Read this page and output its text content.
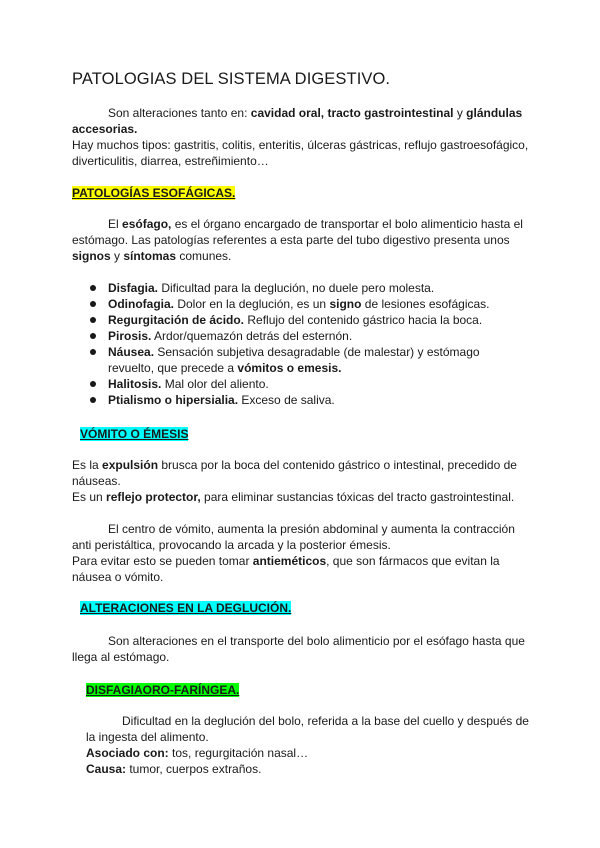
PATOLOGIAS DEL SISTEMA DIGESTIVO.

Son alteraciones tanto en: cavidad oral, tracto gastrointestinal y glándulas accesorias.

Hay muchos tipos: gastritis, colitis, enteritis, úlceras gástricas, reflujo gastroesofágico, diverticulitis, diarrea, estreñimiento…

PATOLOGÍAS ESOFÁGICAS.

El esófago, es el órgano encargado de transportar el bolo alimenticio hasta el estómago. Las patologías referentes a esta parte del tubo digestivo presenta unos signos y síntomas comunes.

Disfagia. Dificultad para la deglución, no duele pero molesta.
Odinofagia. Dolor en la deglución, es un signo de lesiones esofágicas.
Regurgitación de ácido. Reflujo del contenido gástrico hacia la boca.
Pirosis. Ardor/quemazón detrás del esternón.
Náusea. Sensación subjetiva desagradable (de malestar) y estómago revuelto, que precede a vómitos o emesis.
Halitosis. Mal olor del aliento.
Ptialismo o hipersialia. Exceso de saliva.
VÓMITO O ÉMESIS

Es la expulsión brusca por la boca del contenido gástrico o intestinal, precedido de náuseas.

Es un reflejo protector, para eliminar sustancias tóxicas del tracto gastrointestinal.

El centro de vómito, aumenta la presión abdominal y aumenta la contracción anti peristáltica, provocando la arcada y la posterior émesis.

Para evitar esto se pueden tomar antieméticos, que son fármacos que evitan la náusea o vómito.

ALTERACIONES EN LA DEGLUCIÓN.

Son alteraciones en el transporte del bolo alimenticio por el esófago hasta que llega al estómago.

DISFAGIAORO-FARÍNGEA.

Dificultad en la deglución del bolo, referida a la base del cuello y después de la ingesta del alimento.

Asociado con: tos, regurgitación nasal…

Causa: tumor, cuerpos extraños.
